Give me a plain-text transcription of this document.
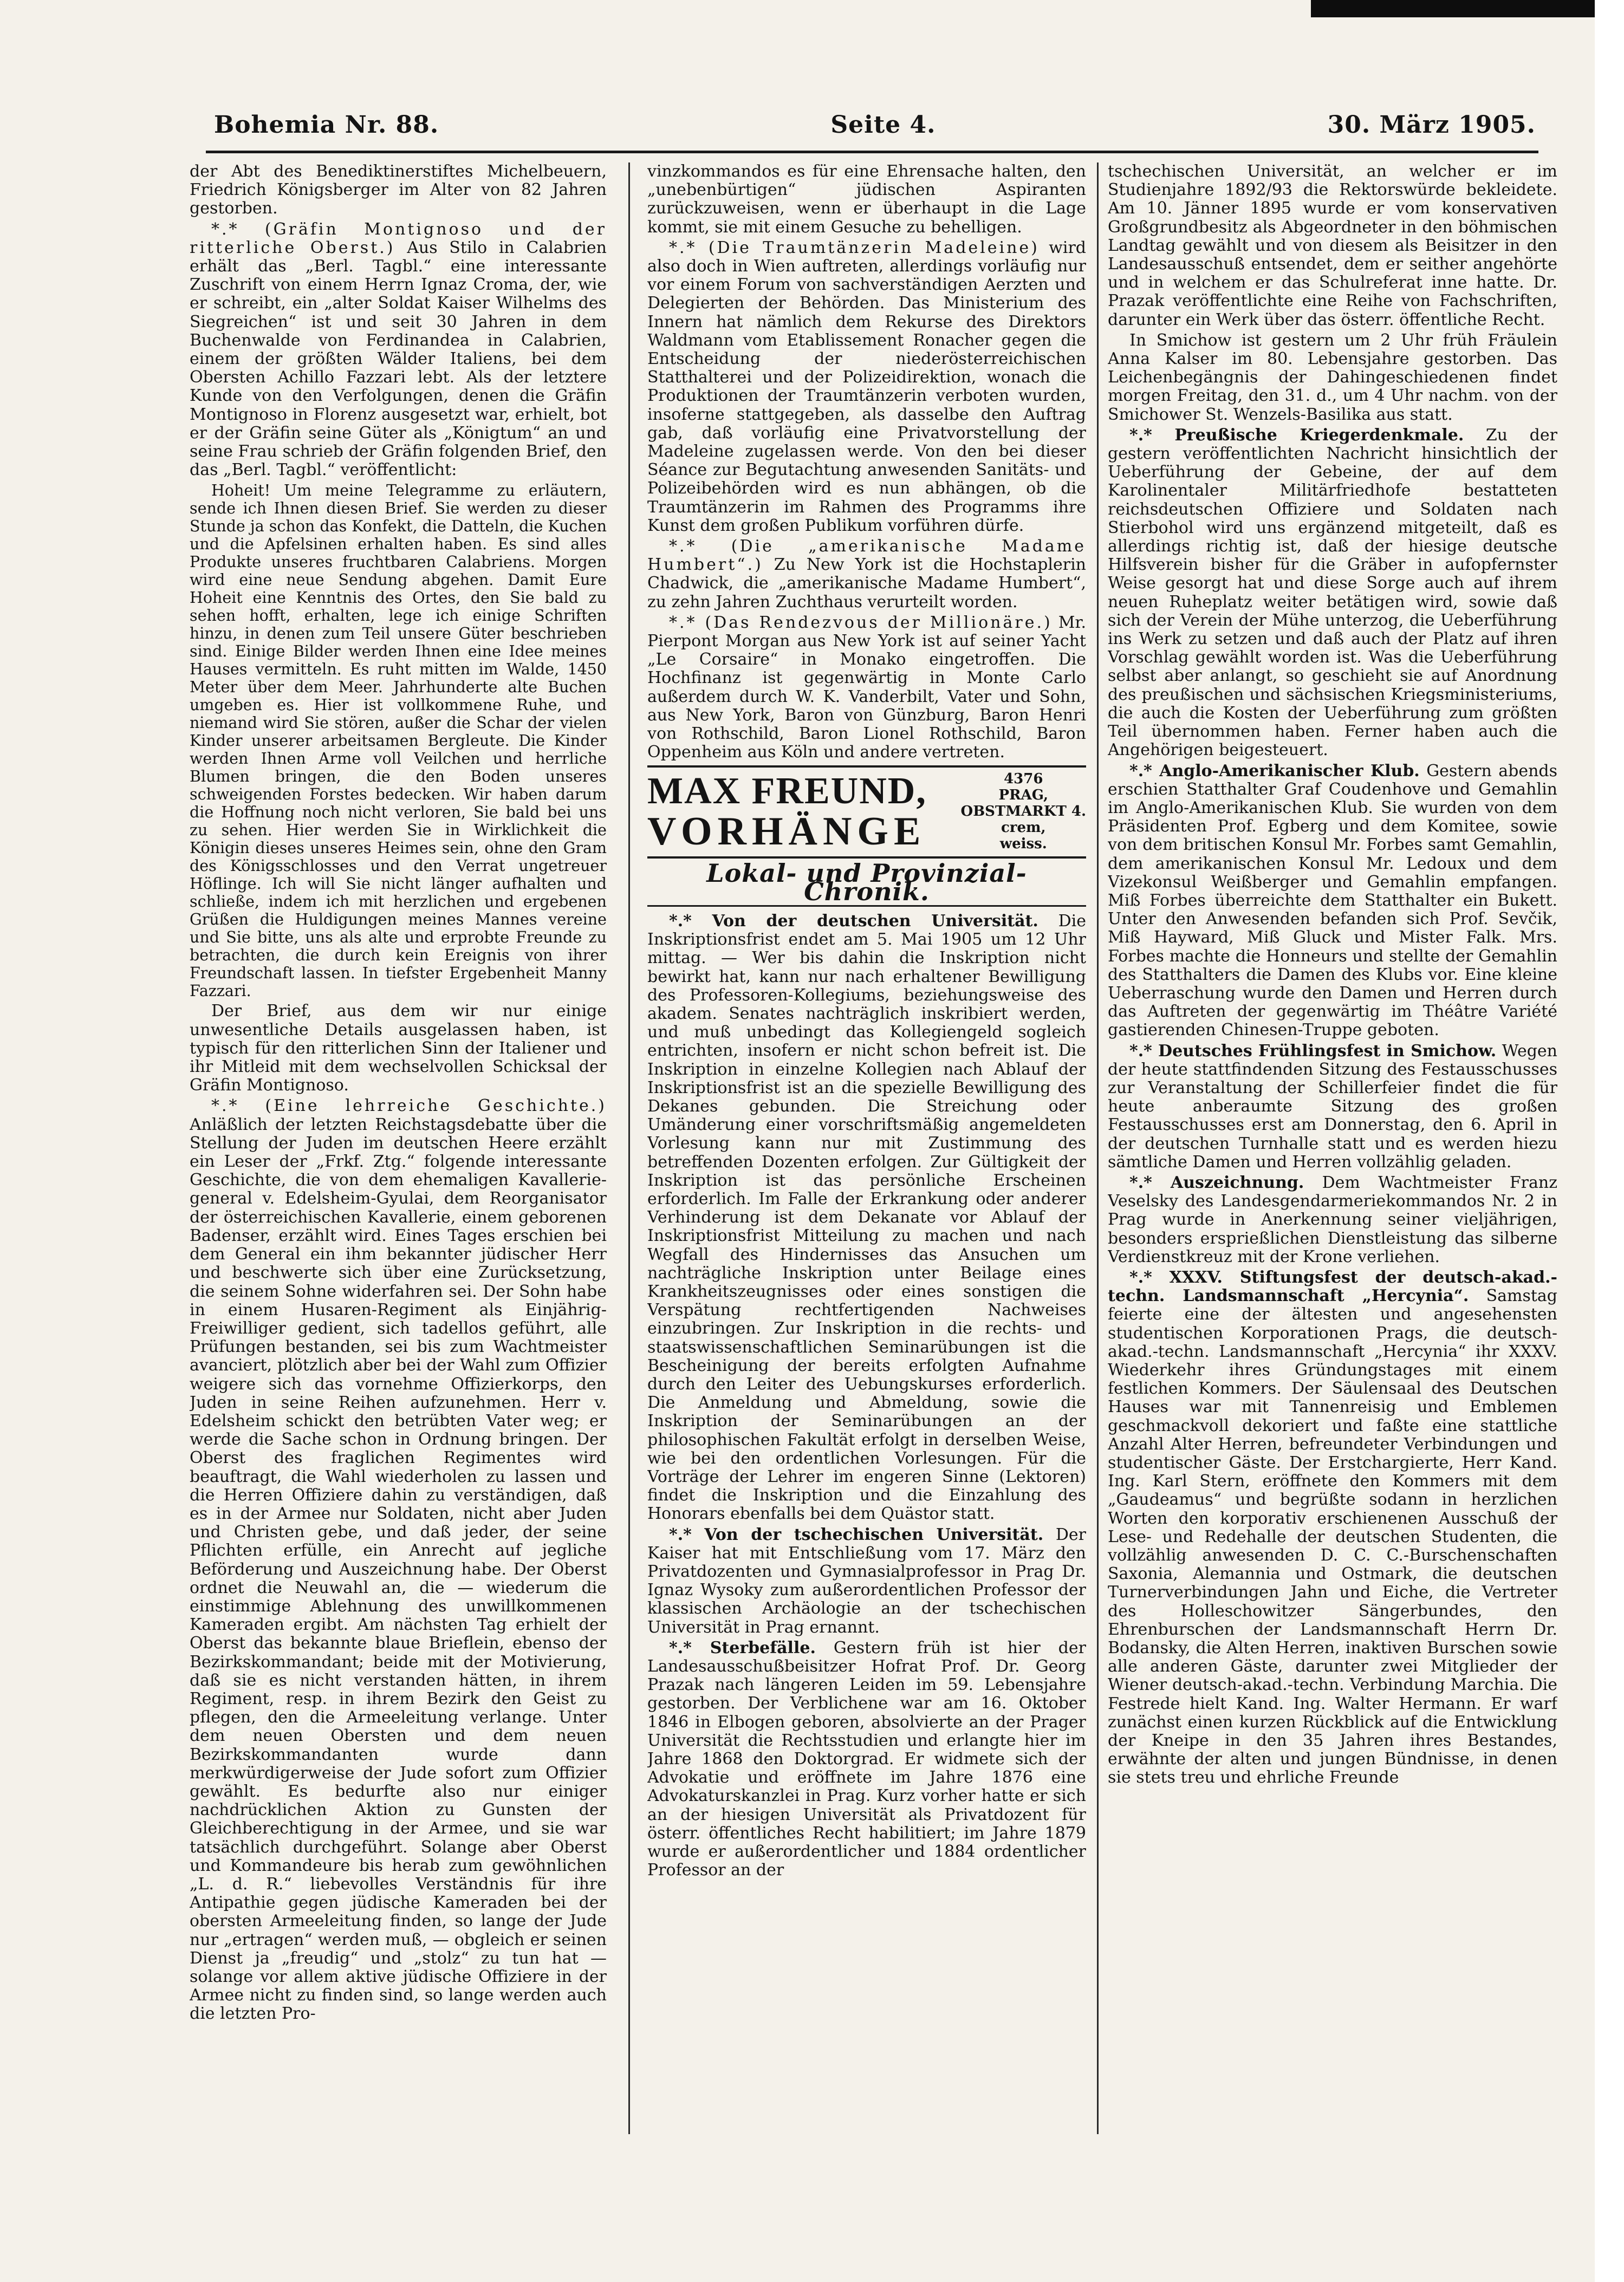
Bohemia Nr. 88.	Seite 4.	30. März 1905.

der Abt des Benediktinerstiftes Michelbeuern, Friedrich Königsberger im Alter von 82 Jahren gestorben.

*.* (Gräfin Montignoso und der ritterliche Oberst.) Aus Stilo in Calabrien erhält das „Berl. Tagbl.“ eine interessante Zuschrift von einem Herrn Ignaz Croma, der, wie er schreibt, ein „alter Soldat Kaiser Wilhelms des Siegreichen“ ist und seit 30 Jahren in dem Buchenwalde von Ferdinandea in Calabrien, einem der größten Wälder Italiens, bei dem Obersten Achillo Fazzari lebt. Als der letztere Kunde von den Verfolgungen, denen die Gräfin Montignoso in Florenz ausgesetzt war, erhielt, bot er der Gräfin seine Güter als „Königtum“ an und seine Frau schrieb der Gräfin folgenden Brief, den das „Berl. Tagbl.“ veröffentlicht:

Hoheit! Um meine Telegramme zu erläutern, sende ich Ihnen diesen Brief. Sie werden zu dieser Stunde ja schon das Konfekt, die Datteln, die Kuchen und die Apfelsinen erhalten haben. Es sind alles Produkte unseres fruchtbaren Calabriens. Morgen wird eine neue Sendung abgehen. Damit Eure Hoheit eine Kenntnis des Ortes, den Sie bald zu sehen hofft, erhalten, lege ich einige Schriften hinzu, in denen zum Teil unsere Güter beschrieben sind. Einige Bilder werden Ihnen eine Idee meines Hauses vermitteln. Es ruht mitten im Walde, 1450 Meter über dem Meer. Jahrhunderte alte Buchen umgeben es. Hier ist vollkommene Ruhe, und niemand wird Sie stören, außer die Schar der vielen Kinder unserer arbeitsamen Bergleute. Die Kinder werden Ihnen Arme voll Veilchen und herrliche Blumen bringen, die den Boden unseres schweigenden Forstes bedecken. Wir haben darum die Hoffnung noch nicht verloren, Sie bald bei uns zu sehen. Hier werden Sie in Wirklichkeit die Königin dieses unseres Heimes sein, ohne den Gram des Königsschlosses und den Verrat ungetreuer Höflinge. Ich will Sie nicht länger aufhalten und schließe, indem ich mit herzlichen und ergebenen Grüßen die Huldigungen meines Mannes vereine und Sie bitte, uns als alte und erprobte Freunde zu betrachten, die durch kein Ereignis von ihrer Freundschaft lassen. In tiefster Ergebenheit Manny Fazzari.

Der Brief, aus dem wir nur einige unwesentliche Details ausgelassen haben, ist typisch für den ritterlichen Sinn der Italiener und ihr Mitleid mit dem wechselvollen Schicksal der Gräfin Montignoso.

*.* (Eine lehrreiche Geschichte.) Anläßlich der letzten Reichstagsdebatte über die Stellung der Juden im deutschen Heere erzählt ein Leser der „Frkf. Ztg.“ folgende interessante Geschichte, die von dem ehemaligen Kavallerie-general v. Edelsheim-Gyulai, dem Reorganisator der österreichischen Kavallerie, einem geborenen Badenser, erzählt wird. Eines Tages erschien bei dem General ein ihm bekannter jüdischer Herr und beschwerte sich über eine Zurücksetzung, die seinem Sohne widerfahren sei. Der Sohn habe in einem Husaren-Regiment als Einjährig-Freiwilliger gedient, sich tadellos geführt, alle Prüfungen bestanden, sei bis zum Wachtmeister avanciert, plötzlich aber bei der Wahl zum Offizier weigere sich das vornehme Offizierkorps, den Juden in seine Reihen aufzunehmen. Herr v. Edelsheim schickt den betrübten Vater weg; er werde die Sache schon in Ordnung bringen. Der Oberst des fraglichen Regimentes wird beauftragt, die Wahl wiederholen zu lassen und die Herren Offiziere dahin zu verständigen, daß es in der Armee nur Soldaten, nicht aber Juden und Christen gebe, und daß jeder, der seine Pflichten erfülle, ein Anrecht auf jegliche Beförderung und Auszeichnung habe. Der Oberst ordnet die Neuwahl an, die — wiederum die einstimmige Ablehnung des unwillkommenen Kameraden ergibt. Am nächsten Tag erhielt der Oberst das bekannte blaue Brieflein, ebenso der Bezirkskommandant; beide mit der Motivierung, daß sie es nicht verstanden hätten, in ihrem Regiment, resp. in ihrem Bezirk den Geist zu pflegen, den die Armeeleitung verlange. Unter dem neuen Obersten und dem neuen Bezirkskommandanten wurde dann merkwürdigerweise der Jude sofort zum Offizier gewählt. Es bedurfte also nur einiger nachdrücklichen Aktion zu Gunsten der Gleichberechtigung in der Armee, und sie war tatsächlich durchgeführt. Solange aber Oberst und Kommandeure bis herab zum gewöhnlichen „L. d. R.“ liebevolles Verständnis für ihre Antipathie gegen jüdische Kameraden bei der obersten Armeeleitung finden, so lange der Jude nur „ertragen“ werden muß, — obgleich er seinen Dienst ja „freudig“ und „stolz“ zu tun hat — solange vor allem aktive jüdische Offiziere in der Armee nicht zu finden sind, so lange werden auch die letzten Pro-

vinzkommandos es für eine Ehrensache halten, den „unebenbürtigen“ jüdischen Aspiranten zurückzuweisen, wenn er überhaupt in die Lage kommt, sie mit einem Gesuche zu behelligen.

*.* (Die Traumtänzerin Madeleine) wird also doch in Wien auftreten, allerdings vorläufig nur vor einem Forum von sachverständigen Aerzten und Delegierten der Behörden. Das Ministerium des Innern hat nämlich dem Rekurse des Direktors Waldmann vom Etablissement Ronacher gegen die Entscheidung der niederösterreichischen Statthalterei und der Polizeidirektion, wonach die Produktionen der Traumtänzerin verboten wurden, insoferne stattgegeben, als dasselbe den Auftrag gab, daß vorläufig eine Privatvorstellung der Madeleine zugelassen werde. Von den bei dieser Séance zur Begutachtung anwesenden Sanitäts- und Polizeibehörden wird es nun abhängen, ob die Traumtänzerin im Rahmen des Programms ihre Kunst dem großen Publikum vorführen dürfe.

*.* (Die „amerikanische Madame Humbert“.) Zu New York ist die Hochstaplerin Chadwick, die „amerikanische Madame Humbert“, zu zehn Jahren Zuchthaus verurteilt worden.

*.* (Das Rendezvous der Millionäre.) Mr. Pierpont Morgan aus New York ist auf seiner Yacht „Le Corsaire“ in Monako eingetroffen. Die Hochfinanz ist gegenwärtig in Monte Carlo außerdem durch W. K. Vanderbilt, Vater und Sohn, aus New York, Baron von Günzburg, Baron Henri von Rothschild, Baron Lionel Rothschild, Baron Oppenheim aus Köln und andere vertreten.

MAX FREUND,
VORHÄNGE
4376
PRAG,
OBSTMARKT 4.
crem,
weiss.
Lokal- und Provinzial-Chronik.

*.* Von der deutschen Universität. Die Inskriptionsfrist endet am 5. Mai 1905 um 12 Uhr mittag. — Wer bis dahin die Inskription nicht bewirkt hat, kann nur nach erhaltener Bewilligung des Professoren-Kollegiums, beziehungsweise des akadem. Senates nachträglich inskribiert werden, und muß unbedingt das Kollegiengeld sogleich entrichten, insofern er nicht schon befreit ist. Die Inskription in einzelne Kollegien nach Ablauf der Inskriptionsfrist ist an die spezielle Bewilligung des Dekanes gebunden. Die Streichung oder Umänderung einer vorschriftsmäßig angemeldeten Vorlesung kann nur mit Zustimmung des betreffenden Dozenten erfolgen. Zur Gültigkeit der Inskription ist das persönliche Erscheinen erforderlich. Im Falle der Erkrankung oder anderer Verhinderung ist dem Dekanate vor Ablauf der Inskriptionsfrist Mitteilung zu machen und nach Wegfall des Hindernisses das Ansuchen um nachträgliche Inskription unter Beilage eines Krankheitszeugnisses oder eines sonstigen die Verspätung rechtfertigenden Nachweises einzubringen. Zur Inskription in die rechts- und staatswissenschaftlichen Seminarübungen ist die Bescheinigung der bereits erfolgten Aufnahme durch den Leiter des Uebungskurses erforderlich. Die Anmeldung und Abmeldung, sowie die Inskription der Seminarübungen an der philosophischen Fakultät erfolgt in derselben Weise, wie bei den ordentlichen Vorlesungen. Für die Vorträge der Lehrer im engeren Sinne (Lektoren) findet die Inskription und die Einzahlung des Honorars ebenfalls bei dem Quästor statt.

*.* Von der tschechischen Universität. Der Kaiser hat mit Entschließung vom 17. März den Privatdozenten und Gymnasialprofessor in Prag Dr. Ignaz Wysoky zum außerordentlichen Professor der klassischen Archäologie an der tschechischen Universität in Prag ernannt.

*.* Sterbefälle. Gestern früh ist hier der Landesausschußbeisitzer Hofrat Prof. Dr. Georg Prazak nach längeren Leiden im 59. Lebensjahre gestorben. Der Verblichene war am 16. Oktober 1846 in Elbogen geboren, absolvierte an der Prager Universität die Rechtsstudien und erlangte hier im Jahre 1868 den Doktorgrad. Er widmete sich der Advokatie und eröffnete im Jahre 1876 eine Advokaturskanzlei in Prag. Kurz vorher hatte er sich an der hiesigen Universität als Privatdozent für österr. öffentliches Recht habilitiert; im Jahre 1879 wurde er außerordentlicher und 1884 ordentlicher Professor an der

tschechischen Universität, an welcher er im Studienjahre 1892/93 die Rektorswürde bekleidete. Am 10. Jänner 1895 wurde er vom konservativen Großgrundbesitz als Abgeordneter in den böhmischen Landtag gewählt und von diesem als Beisitzer in den Landesausschuß entsendet, dem er seither angehörte und in welchem er das Schulreferat inne hatte. Dr. Prazak veröffentlichte eine Reihe von Fachschriften, darunter ein Werk über das österr. öffentliche Recht.

In Smichow ist gestern um 2 Uhr früh Fräulein Anna Kalser im 80. Lebensjahre gestorben. Das Leichenbegängnis der Dahingeschiedenen findet morgen Freitag, den 31. d., um 4 Uhr nachm. von der Smichower St. Wenzels-Basilika aus statt.

*.* Preußische Kriegerdenkmale. Zu der gestern veröffentlichten Nachricht hinsichtlich der Ueberführung der Gebeine, der auf dem Karolinentaler Militärfriedhofe bestatteten reichsdeutschen Offiziere und Soldaten nach Stierbohol wird uns ergänzend mitgeteilt, daß es allerdings richtig ist, daß der hiesige deutsche Hilfsverein bisher für die Gräber in aufopfernster Weise gesorgt hat und diese Sorge auch auf ihrem neuen Ruheplatz weiter betätigen wird, sowie daß sich der Verein der Mühe unterzog, die Ueberführung ins Werk zu setzen und daß auch der Platz auf ihren Vorschlag gewählt worden ist. Was die Ueberführung selbst aber anlangt, so geschieht sie auf Anordnung des preußischen und sächsischen Kriegsministeriums, die auch die Kosten der Ueberführung zum größten Teil übernommen haben. Ferner haben auch die Angehörigen beigesteuert.

*.* Anglo-Amerikanischer Klub. Gestern abends erschien Statthalter Graf Coudenhove und Gemahlin im Anglo-Amerikanischen Klub. Sie wurden von dem Präsidenten Prof. Egberg und dem Komitee, sowie von dem britischen Konsul Mr. Forbes samt Gemahlin, dem amerikanischen Konsul Mr. Ledoux und dem Vizekonsul Weißberger und Gemahlin empfangen. Miß Forbes überreichte dem Statthalter ein Bukett. Unter den Anwesenden befanden sich Prof. Sevčik, Miß Hayward, Miß Gluck und Mister Falk. Mrs. Forbes machte die Honneurs und stellte der Gemahlin des Statthalters die Damen des Klubs vor. Eine kleine Ueberraschung wurde den Damen und Herren durch das Auftreten der gegenwärtig im Théâtre Variété gastierenden Chinesen-Truppe geboten.

*.* Deutsches Frühlingsfest in Smichow. Wegen der heute stattfindenden Sitzung des Festausschusses zur Veranstaltung der Schillerfeier findet die für heute anberaumte Sitzung des großen Festausschusses erst am Donnerstag, den 6. April in der deutschen Turnhalle statt und es werden hiezu sämtliche Damen und Herren vollzählig geladen.

*.* Auszeichnung. Dem Wachtmeister Franz Veselsky des Landesgendarmeriekommandos Nr. 2 in Prag wurde in Anerkennung seiner vieljährigen, besonders ersprießlichen Dienstleistung das silberne Verdienstkreuz mit der Krone verliehen.

*.* XXXV. Stiftungsfest der deutsch-akad.-techn. Landsmannschaft „Hercynia“. Samstag feierte eine der ältesten und angesehensten studentischen Korporationen Prags, die deutsch-akad.-techn. Landsmannschaft „Hercynia“ ihr XXXV. Wiederkehr ihres Gründungstages mit einem festlichen Kommers. Der Säulensaal des Deutschen Hauses war mit Tannenreisig und Emblemen geschmackvoll dekoriert und faßte eine stattliche Anzahl Alter Herren, befreundeter Verbindungen und studentischer Gäste. Der Erstchargierte, Herr Kand. Ing. Karl Stern, eröffnete den Kommers mit dem „Gaudeamus“ und begrüßte sodann in herzlichen Worten den korporativ erschienenen Ausschuß der Lese- und Redehalle der deutschen Studenten, die vollzählig anwesenden D. C. C.-Burschenschaften Saxonia, Alemannia und Ostmark, die deutschen Turnerverbindungen Jahn und Eiche, die Vertreter des Holleschowitzer Sängerbundes, den Ehrenburschen der Landsmannschaft Herrn Dr. Bodansky, die Alten Herren, inaktiven Burschen sowie alle anderen Gäste, darunter zwei Mitglieder der Wiener deutsch-akad.-techn. Verbindung Marchia. Die Festrede hielt Kand. Ing. Walter Hermann. Er warf zunächst einen kurzen Rückblick auf die Entwicklung der Kneipe in den 35 Jahren ihres Bestandes, erwähnte der alten und jungen Bündnisse, in denen sie stets treu und ehrliche Freunde
